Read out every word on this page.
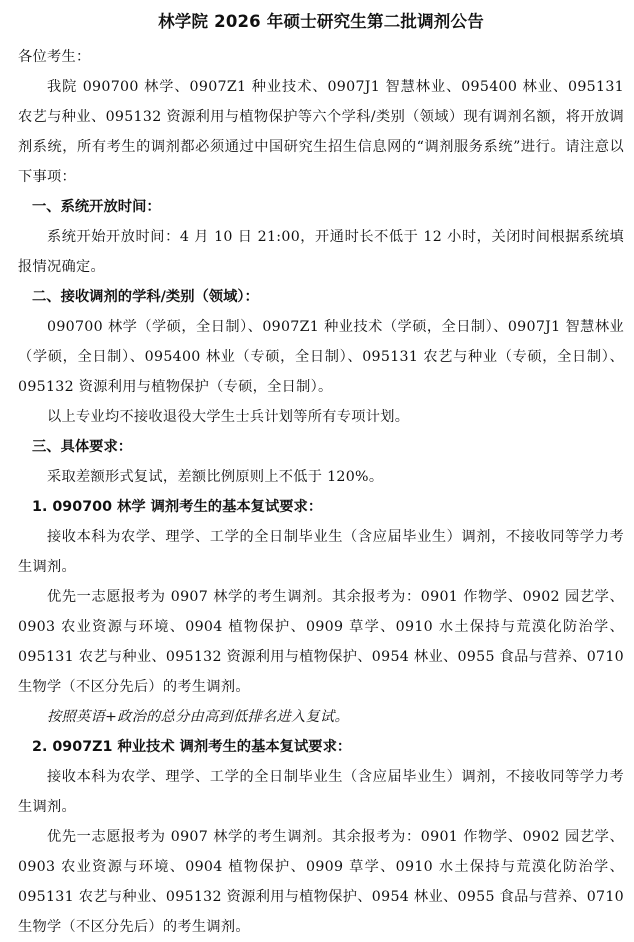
林学院 2026 年硕士研究生第二批调剂公告

各位考生：

我院 090700 林学、0907Z1 种业技术、0907J1 智慧林业、095400 林业、095131 农艺与种业、095132 资源利用与植物保护等六个学科/类别（领域）现有调剂名额，将开放调剂系统，所有考生的调剂都必须通过中国研究生招生信息网的“调剂服务系统”进行。请注意以下事项：

一、系统开放时间：

系统开始开放时间：4 月 10 日 21:00，开通时长不低于 12 小时，关闭时间根据系统填报情况确定。

二、接收调剂的学科/类别（领域）：

090700 林学（学硕，全日制）、0907Z1 种业技术（学硕，全日制）、0907J1 智慧林业（学硕，全日制）、095400 林业（专硕，全日制）、095131 农艺与种业（专硕，全日制）、095132 资源利用与植物保护（专硕，全日制）。

以上专业均不接收退役大学生士兵计划等所有专项计划。

三、具体要求：

采取差额形式复试，差额比例原则上不低于 120%。

1. 090700 林学 调剂考生的基本复试要求：

接收本科为农学、理学、工学的全日制毕业生（含应届毕业生）调剂，不接收同等学力考生调剂。

优先一志愿报考为 0907 林学的考生调剂。其余报考为：0901 作物学、0902 园艺学、0903 农业资源与环境、0904 植物保护、0909 草学、0910 水土保持与荒漠化防治学、095131 农艺与种业、095132 资源利用与植物保护、0954 林业、0955 食品与营养、0710 生物学（不区分先后）的考生调剂。

按照英语+政治的总分由高到低排名进入复试。

2. 0907Z1 种业技术 调剂考生的基本复试要求：

接收本科为农学、理学、工学的全日制毕业生（含应届毕业生）调剂，不接收同等学力考生调剂。

优先一志愿报考为 0907 林学的考生调剂。其余报考为：0901 作物学、0902 园艺学、0903 农业资源与环境、0904 植物保护、0909 草学、0910 水土保持与荒漠化防治学、095131 农艺与种业、095132 资源利用与植物保护、0954 林业、0955 食品与营养、0710 生物学（不区分先后）的考生调剂。
